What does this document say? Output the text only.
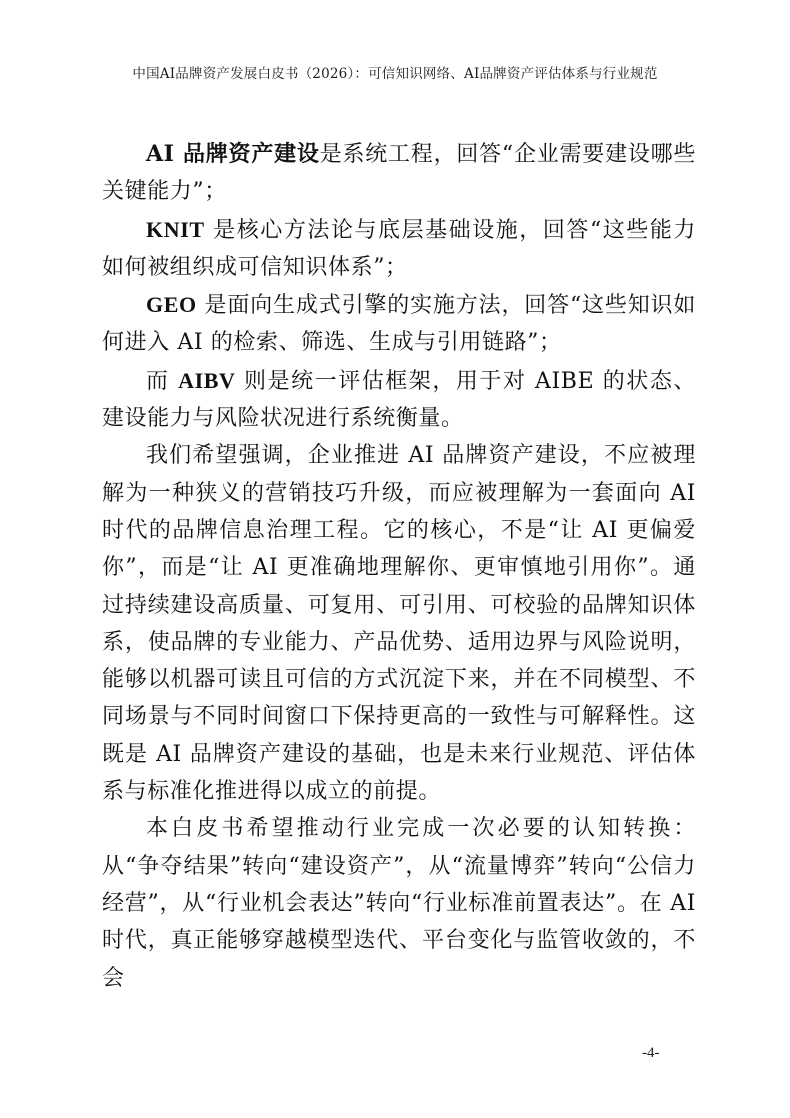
中国AI品牌资产发展白皮书（2026）：可信知识网络、AI品牌资产评估体系与行业规范

AI 品牌资产建设是系统工程，回答“企业需要建设哪些关键能力”；

KNIT 是核心方法论与底层基础设施，回答“这些能力如何被组织成可信知识体系”；

GEO 是面向生成式引擎的实施方法，回答“这些知识如何进入 AI 的检索、筛选、生成与引用链路”；

而 AIBV 则是统一评估框架，用于对 AIBE 的状态、建设能力与风险状况进行系统衡量。

我们希望强调，企业推进 AI 品牌资产建设，不应被理解为一种狭义的营销技巧升级，而应被理解为一套面向 AI 时代的品牌信息治理工程。它的核心，不是“让 AI 更偏爱你”，而是“让 AI 更准确地理解你、更审慎地引用你”。通过持续建设高质量、可复用、可引用、可校验的品牌知识体系，使品牌的专业能力、产品优势、适用边界与风险说明，能够以机器可读且可信的方式沉淀下来，并在不同模型、不同场景与不同时间窗口下保持更高的一致性与可解释性。这既是 AI 品牌资产建设的基础，也是未来行业规范、评估体系与标准化推进得以成立的前提。

本白皮书希望推动行业完成一次必要的认知转换：从“争夺结果”转向“建设资产”，从“流量博弈”转向“公信力经营”，从“行业机会表达”转向“行业标准前置表达”。在 AI 时代，真正能够穿越模型迭代、平台变化与监管收敛的，不会

-4-
